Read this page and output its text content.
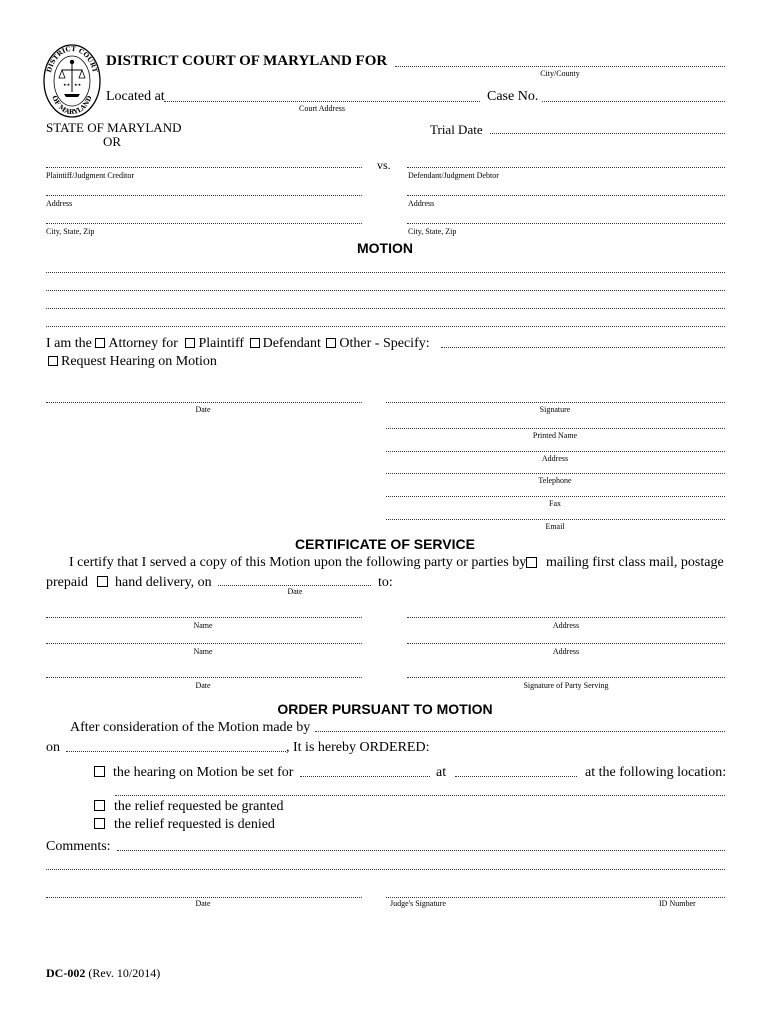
DISTRICT COURT
OF MARYLAND
★★ ★★
DISTRICT COURT OF MARYLAND FOR
City/County
Located at
Court Address
Case No.
STATE OF MARYLAND
OR
Trial Date
vs.
Plaintiff/Judgment Creditor	Defendant/Judgment Debtor
Address	Address
City, State, Zip	City, State, Zip
MOTION
I am the Attorney for Plaintiff Defendant Other - Specify:
Request Hearing on Motion
Date	Signature
Printed Name
Address
Telephone
Fax
Email
CERTIFICATE OF SERVICE
I certify that I served a copy of this Motion upon the following party or parties by mailing first class mail, postage
prepaid hand delivery, on
Date
to:
Name	Address
Name	Address
Date	Signature of Party Serving
ORDER PURSUANT TO MOTION
After consideration of the Motion made by
on	, It is hereby ORDERED:
the hearing on Motion be set for	at	at the following location:
the relief requested be granted
the relief requested is denied
Comments:
Date	Judge's Signature	ID Number
DC-002 (Rev. 10/2014)
